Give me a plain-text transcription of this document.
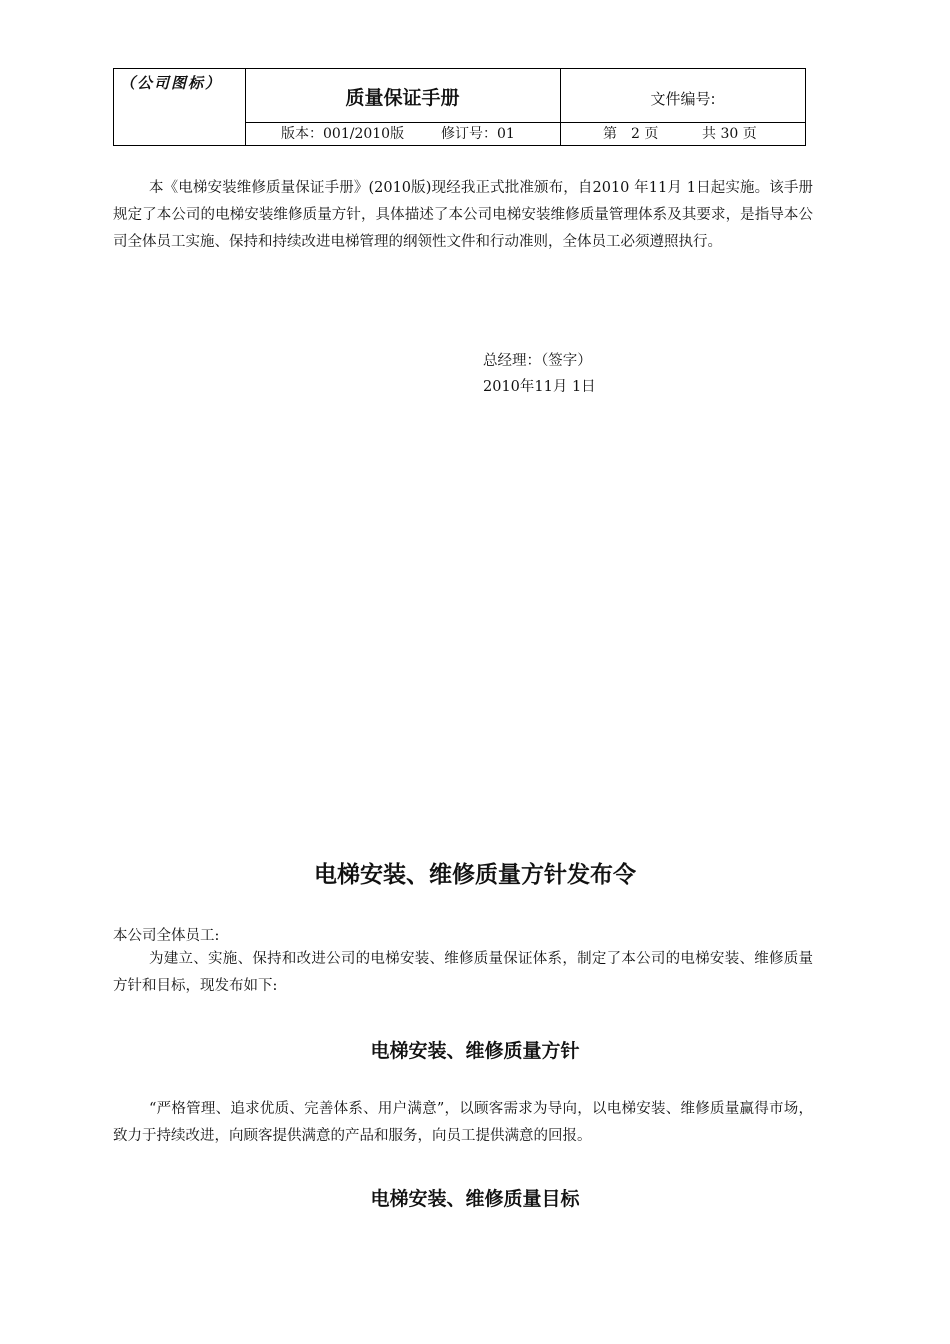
（公司图标）
质量保证手册	文件编号:
版本：001/2010版	修订号：01	第　2 页	共 30 页

本《电梯安装维修质量保证手册》(2010版)现经我正式批准颁布，自2010 年11月 1日起实施。该手册规定了本公司的电梯安装维修质量方针，具体描述了本公司电梯安装维修质量管理体系及其要求，是指导本公司全体员工实施、保持和持续改进电梯管理的纲领性文件和行动准则，全体员工必须遵照执行。

总经理：（签字）

2010年11月 1日

电梯安装、维修质量方针发布令

本公司全体员工:

为建立、实施、保持和改进公司的电梯安装、维修质量保证体系，制定了本公司的电梯安装、维修质量方针和目标，现发布如下:

电梯安装、维修质量方针

“严格管理、追求优质、完善体系、用户满意”，以顾客需求为导向，以电梯安装、维修质量赢得市场，致力于持续改进，向顾客提供满意的产品和服务，向员工提供满意的回报。

电梯安装、维修质量目标
